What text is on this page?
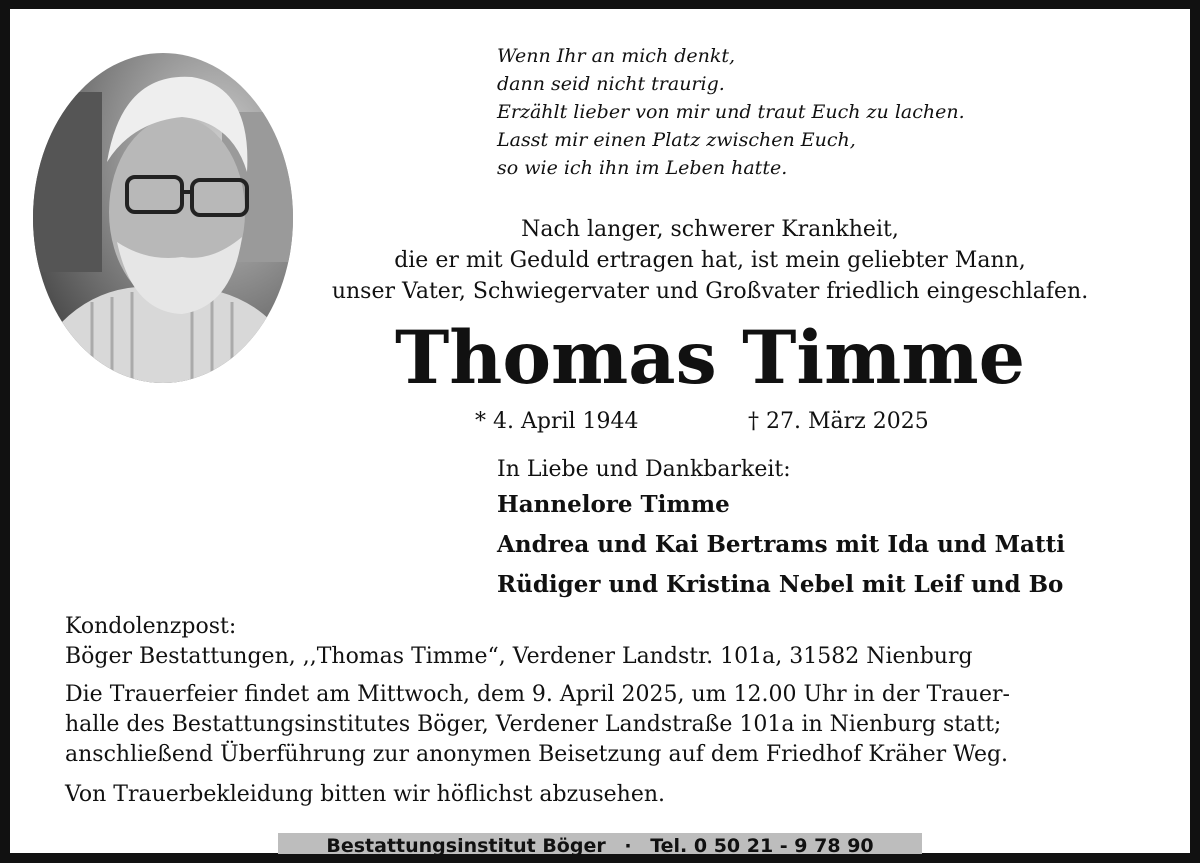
Wenn Ihr an mich denkt,
dann seid nicht traurig.
Erzählt lieber von mir und traut Euch zu lachen.
Lasst mir einen Platz zwischen Euch,
so wie ich ihn im Leben hatte.
Nach langer, schwerer Krankheit,
die er mit Geduld ertragen hat, ist mein geliebter Mann,
unser Vater, Schwiegervater und Großvater friedlich eingeschlafen.
Thomas Timme
* 4. April 1944	† 27. März 2025
In Liebe und Dankbarkeit:
Hannelore Timme
Andrea und Kai Bertrams mit Ida und Matti
Rüdiger und Kristina Nebel mit Leif und Bo
Kondolenzpost:
Böger Bestattungen, ,,Thomas Timme“, Verdener Landstr. 101a, 31582 Nienburg
Die Trauerfeier findet am Mittwoch, dem 9. April 2025, um 12.00 Uhr in der Trauer-
halle des Bestattungsinstitutes Böger, Verdener Landstraße 101a in Nienburg statt;
anschließend Überführung zur anonymen Beisetzung auf dem Friedhof Kräher Weg.
Von Trauerbekleidung bitten wir höflichst abzusehen.
Bestattungsinstitut Böger · Tel. 0 50 21 - 9 78 90
